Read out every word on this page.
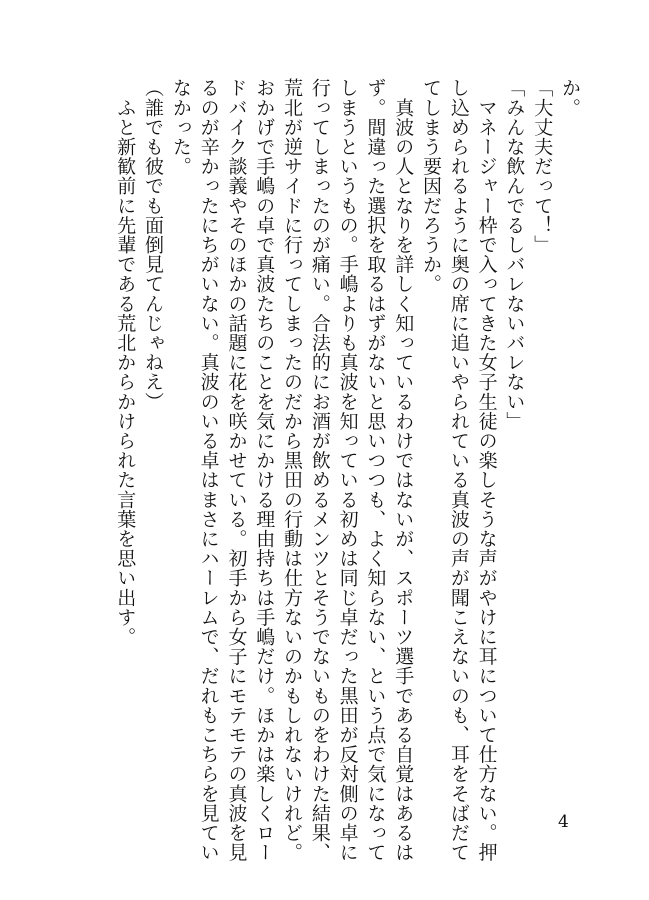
か。
「大丈夫だって！」
「みんな飲んでるしバレないバレない」
　マネージャー枠で入ってきた女子生徒の楽しそうな声がやけに耳について仕方ない。押
し込められるように奥の席に追いやられている真波の声が聞こえないのも、耳をそばだて
てしまう要因だろうか。
　真波の人となりを詳しく知っているわけではないが、スポーツ選手である自覚はあるは
ず。間違った選択を取るはずがないと思いつつも、よく知らない、という点で気になって
しまうというもの。手嶋よりも真波を知っている初めは同じ卓だった黒田が反対側の卓に
行ってしまったのが痛い。合法的にお酒が飲めるメンツとそうでないものをわけた結果、
荒北が逆サイドに行ってしまったのだから黒田の行動は仕方ないのかもしれないけれど。
おかげで手嶋の卓で真波たちのことを気にかける理由持ちは手嶋だけ。ほかは楽しくロー
ドバイク談義やそのほかの話題に花を咲かせている。初手から女子にモテモテの真波を見
るのが辛かったにちがいない。真波のいる卓はまさにハーレムで、だれもこちらを見てい
なかった。
（誰でも彼でも面倒見てんじゃねえ）
　ふと新歓前に先輩である荒北からかけられた言葉を思い出す。
4
